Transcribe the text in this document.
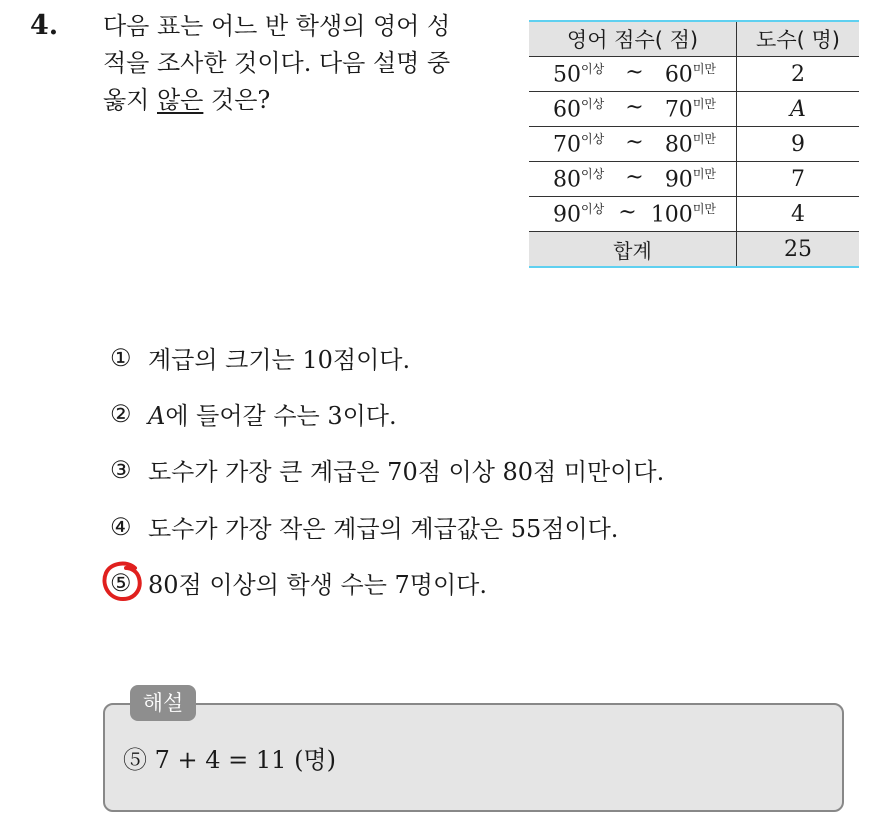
4. 다음 표는 어느 반 학생의 영어 성
적을 조사한 것이다. 다음 설명 중
옳지 않은 것은?
영어 점수( 점)	도수( 명)

$50^{이상}$ ~ $60^{미만}$	2

$60^{이상}$ ~ $70^{미만}$	A

$70^{이상}$ ~ $80^{미만}$	9

$80^{이상}$ ~ $90^{미만}$	7

$90^{이상}$ ~ $100^{미만}$	4
합계	25
① 계급의 크기는 10점이다.
② A에 들어갈 수는 3이다.
③ 도수가 가장 큰 계급은 70점 이상 80점 미만이다.
④ 도수가 가장 작은 계급의 계급값은 55점이다.
⑤ 80점 이상의 학생 수는 7명이다.
해설
⑤ 7 + 4 = 11 (명)
